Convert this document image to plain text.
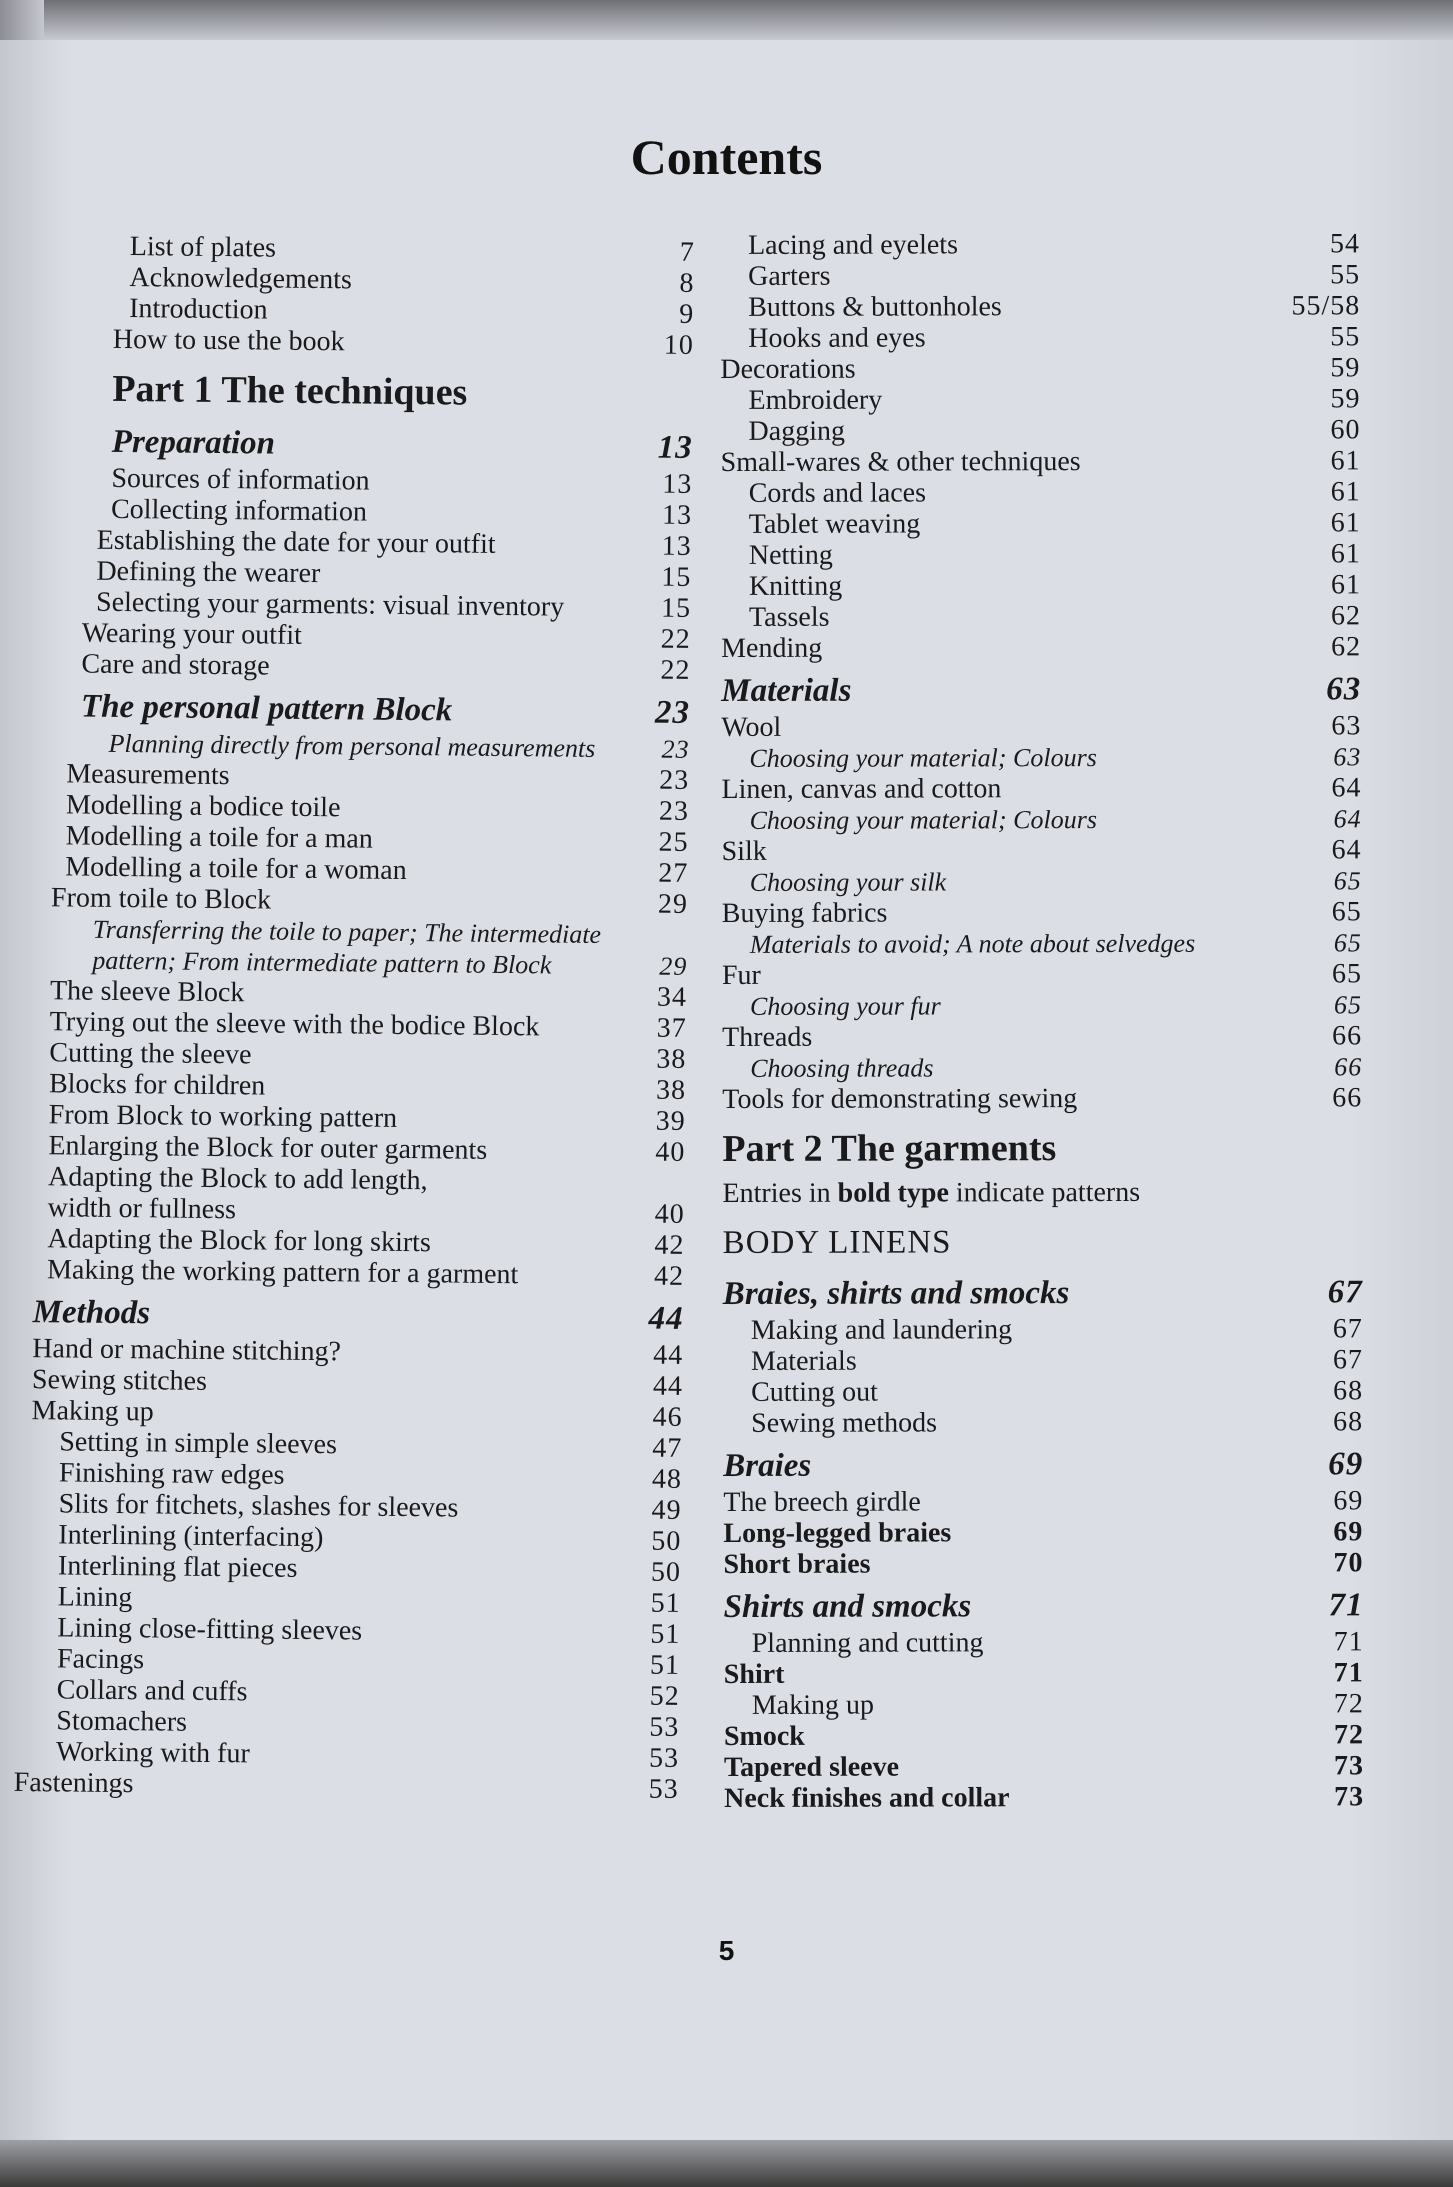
Contents
List of plates	7
Acknowledgements	8
Introduction	9
How to use the book	10
Part 1 The techniques
Preparation	13
Sources of information	13
Collecting information	13
Establishing the date for your outfit	13
Defining the wearer	15
Selecting your garments: visual inventory	15
Wearing your outfit	22
Care and storage	22
The personal pattern Block	23
Planning directly from personal measurements	23
Measurements	23
Modelling a bodice toile	23
Modelling a toile for a man	25
Modelling a toile for a woman	27
From toile to Block	29
Transferring the toile to paper; The intermediate
pattern; From intermediate pattern to Block	29
The sleeve Block	34
Trying out the sleeve with the bodice Block	37
Cutting the sleeve	38
Blocks for children	38
From Block to working pattern	39
Enlarging the Block for outer garments	40
Adapting the Block to add length,
width or fullness	40
Adapting the Block for long skirts	42
Making the working pattern for a garment	42
Methods	44
Hand or machine stitching?	44
Sewing stitches	44
Making up	46
Setting in simple sleeves	47
Finishing raw edges	48
Slits for fitchets, slashes for sleeves	49
Interlining (interfacing)	50
Interlining flat pieces	50
Lining	51
Lining close-fitting sleeves	51
Facings	51
Collars and cuffs	52
Stomachers	53
Working with fur	53
Fastenings	53
Lacing and eyelets	54
Garters	55
Buttons & buttonholes	55/58
Hooks and eyes	55
Decorations	59
Embroidery	59
Dagging	60
Small-wares & other techniques	61
Cords and laces	61
Tablet weaving	61
Netting	61
Knitting	61
Tassels	62
Mending	62
Materials	63
Wool	63
Choosing your material; Colours	63
Linen, canvas and cotton	64
Choosing your material; Colours	64
Silk	64
Choosing your silk	65
Buying fabrics	65
Materials to avoid; A note about selvedges	65
Fur	65
Choosing your fur	65
Threads	66
Choosing threads	66
Tools for demonstrating sewing	66
Part 2 The garments
Entries in bold type indicate patterns
BODY LINENS
Braies, shirts and smocks	67
Making and laundering	67
Materials	67
Cutting out	68
Sewing methods	68
Braies	69
The breech girdle	69
Long-legged braies	69
Short braies	70
Shirts and smocks	71
Planning and cutting	71
Shirt	71
Making up	72
Smock	72
Tapered sleeve	73
Neck finishes and collar	73
5
